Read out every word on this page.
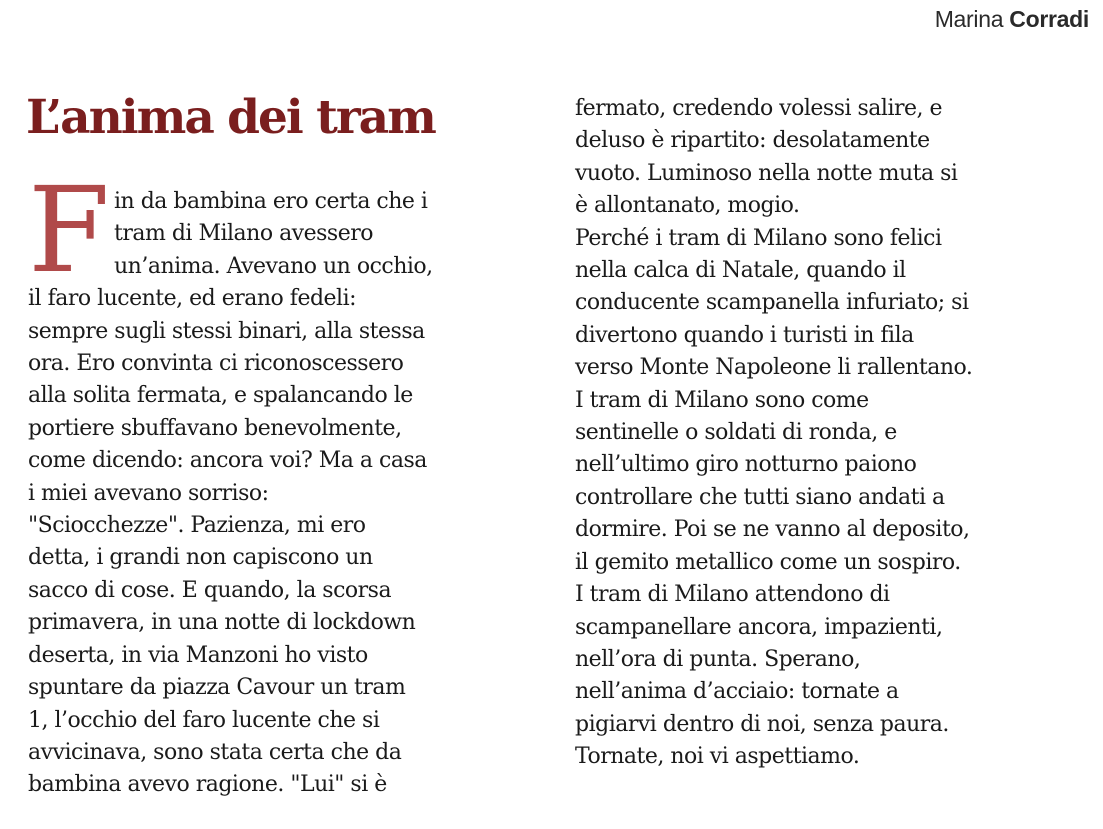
Marina Corradi
L’anima dei tram
F in da bambina ero certa che i
tram di Milano avessero
un’anima. Avevano un occhio,
il faro lucente, ed erano fedeli:
sempre sugli stessi binari, alla stessa
ora. Ero convinta ci riconoscessero
alla solita fermata, e spalancando le
portiere sbuffavano benevolmente,
come dicendo: ancora voi? Ma a casa
i miei avevano sorriso:
"Sciocchezze". Pazienza, mi ero
detta, i grandi non capiscono un
sacco di cose. E quando, la scorsa
primavera, in una notte di lockdown
deserta, in via Manzoni ho visto
spuntare da piazza Cavour un tram
1, l’occhio del faro lucente che si
avvicinava, sono stata certa che da
bambina avevo ragione. "Lui" si è
fermato, credendo volessi salire, e
deluso è ripartito: desolatamente
vuoto. Luminoso nella notte muta si
è allontanato, mogio.
Perché i tram di Milano sono felici
nella calca di Natale, quando il
conducente scampanella infuriato; si
divertono quando i turisti in fila
verso Monte Napoleone li rallentano.
I tram di Milano sono come
sentinelle o soldati di ronda, e
nell’ultimo giro notturno paiono
controllare che tutti siano andati a
dormire. Poi se ne vanno al deposito,
il gemito metallico come un sospiro.
I tram di Milano attendono di
scampanellare ancora, impazienti,
nell’ora di punta. Sperano,
nell’anima d’acciaio: tornate a
pigiarvi dentro di noi, senza paura.
Tornate, noi vi aspettiamo.
